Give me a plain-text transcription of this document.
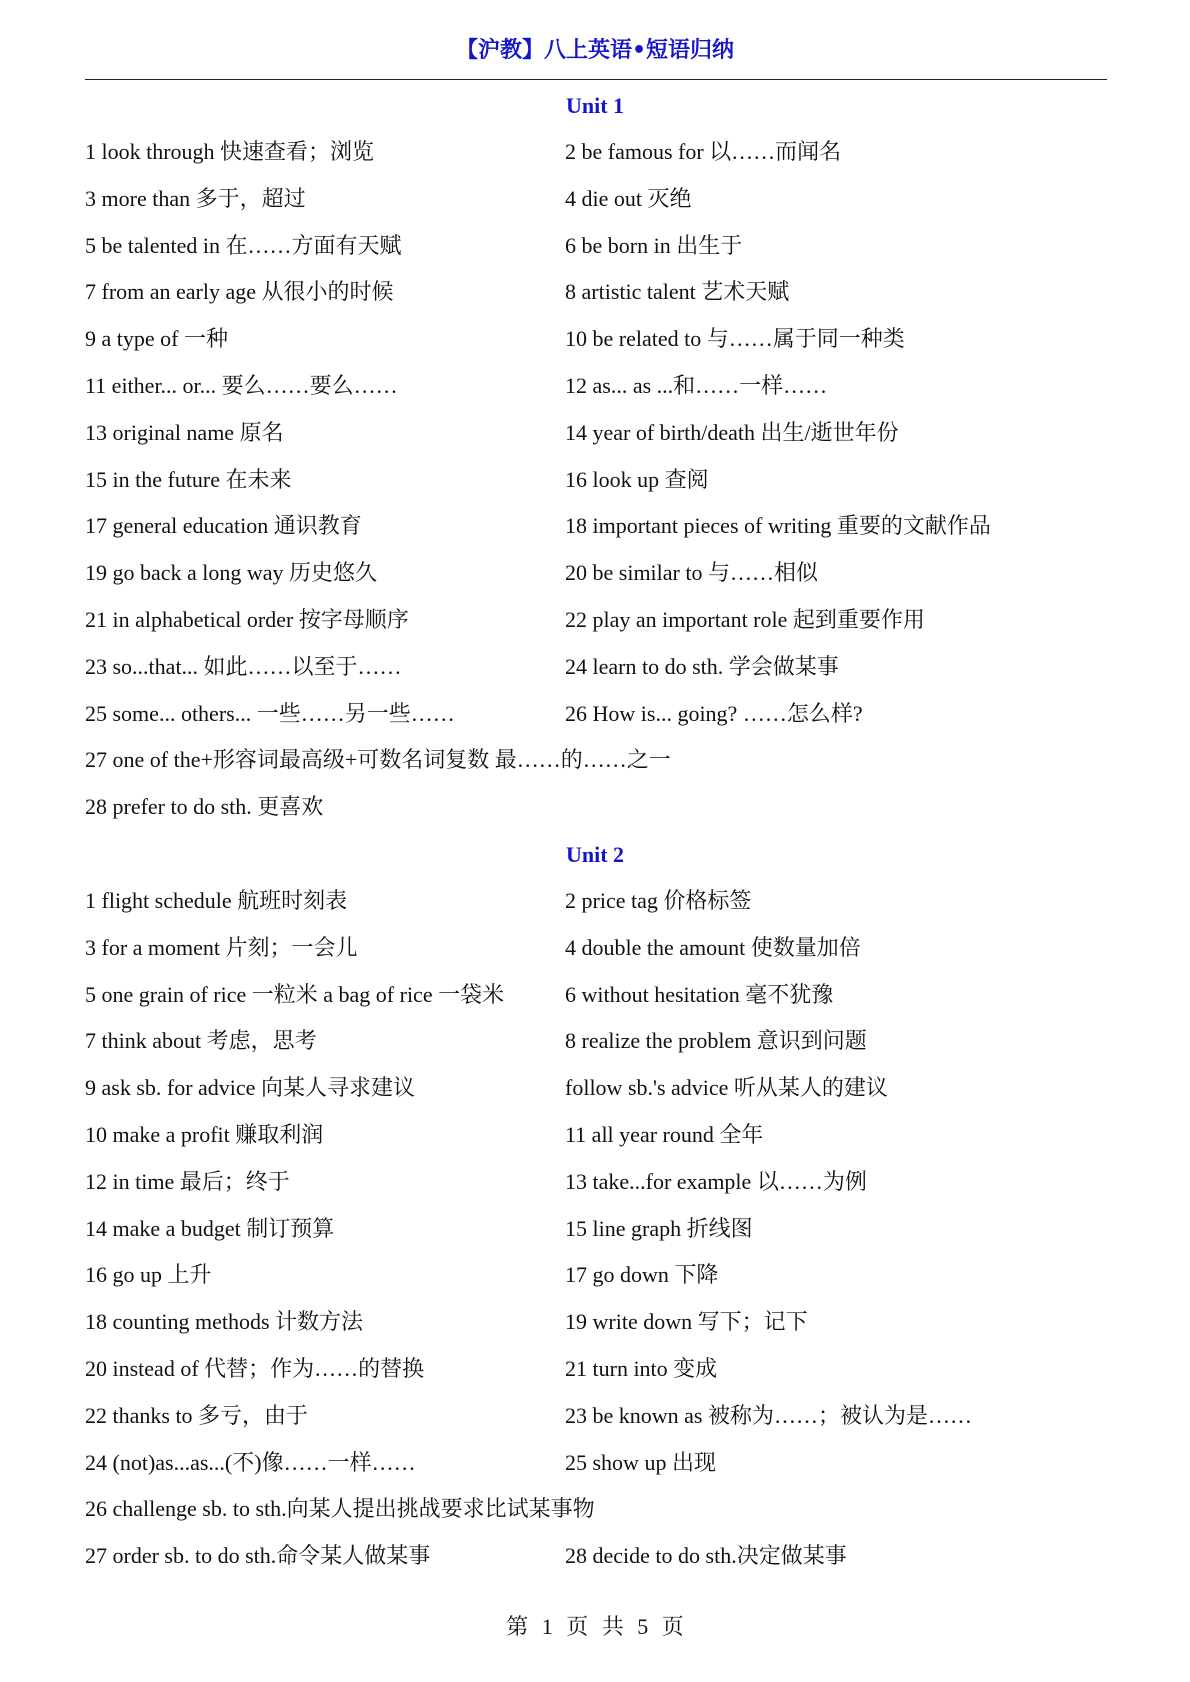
【沪教】八上英语•短语归纳
Unit 1
1 look through 快速查看；浏览	2 be famous for 以……而闻名
3 more than 多于，超过	4 die out 灭绝
5 be talented in 在……方面有天赋	6 be born in 出生于
7 from an early age 从很小的时候	8 artistic talent 艺术天赋
9 a type of 一种	10 be related to 与……属于同一种类
11 either... or... 要么……要么……	12 as... as ...和……一样……
13 original name 原名	14 year of birth/death 出生/逝世年份
15 in the future 在未来	16 look up 查阅
17 general education 通识教育	18 important pieces of writing 重要的文献作品
19 go back a long way 历史悠久	20 be similar to 与……相似
21 in alphabetical order 按字母顺序	22 play an important role 起到重要作用
23 so...that... 如此……以至于……	24 learn to do sth. 学会做某事
25 some... others... 一些……另一些……	26 How is... going? ……怎么样?
27 one of the+形容词最高级+可数名词复数 最……的……之一
28 prefer to do sth. 更喜欢
Unit 2
1 flight schedule 航班时刻表	2 price tag 价格标签
3 for a moment 片刻；一会儿	4 double the amount 使数量加倍
5 one grain of rice 一粒米 a bag of rice 一袋米	6 without hesitation 毫不犹豫
7 think about 考虑，思考	8 realize the problem 意识到问题
9 ask sb. for advice 向某人寻求建议	follow sb.'s advice 听从某人的建议
10 make a profit 赚取利润	11 all year round 全年
12 in time 最后；终于	13 take...for example 以……为例
14 make a budget 制订预算	15 line graph 折线图
16 go up 上升	17 go down 下降
18 counting methods 计数方法	19 write down 写下；记下
20 instead of 代替；作为……的替换	21 turn into 变成
22 thanks to 多亏，由于	23 be known as 被称为……；被认为是……
24 (not)as...as...(不)像……一样……	25 show up 出现
26 challenge sb. to sth.向某人提出挑战要求比试某事物
27 order sb. to do sth.命令某人做某事	28 decide to do sth.决定做某事
第 1 页 共 5 页
